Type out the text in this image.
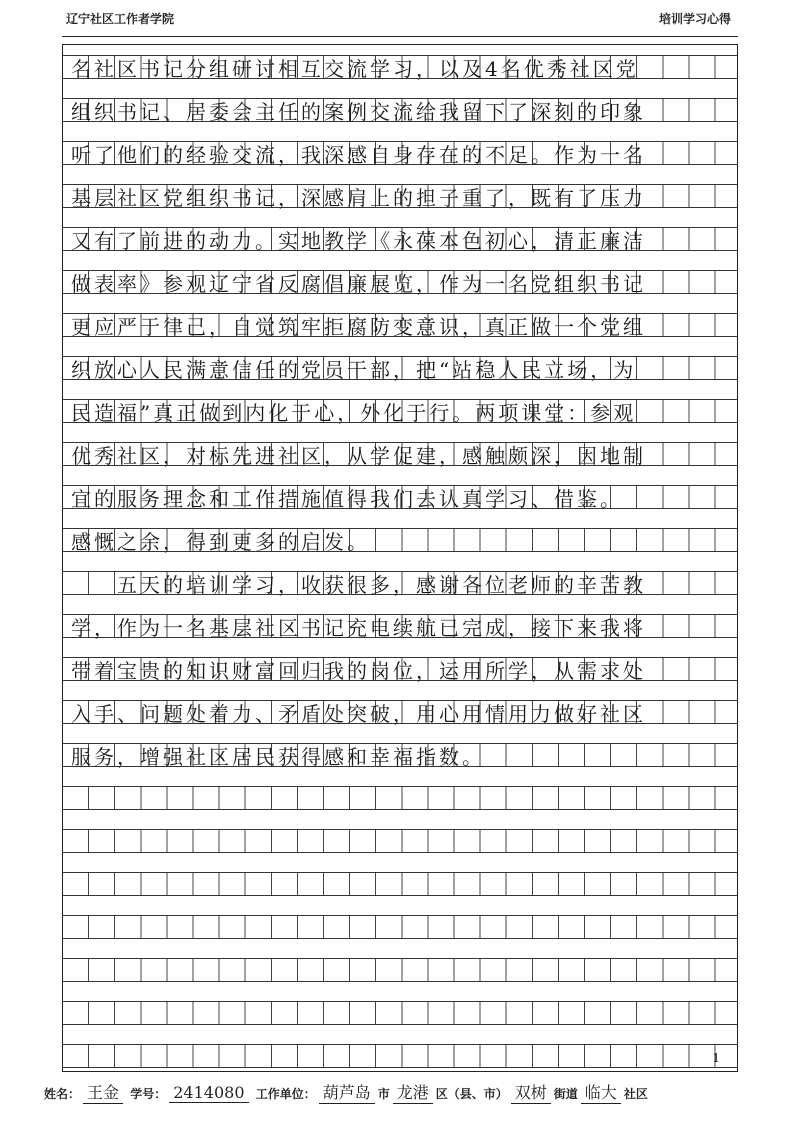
辽宁社区工作者学院	培训学习心得
名社区书记分组研讨相互交流学习，以及4名优秀社区党
组织书记、居委会主任的案例交流给我留下了深刻的印象
听了他们的经验交流，我深感自身存在的不足。作为一名
基层社区党组织书记，深感肩上的担子重了，既有了压力
又有了前进的动力。实地教学《永葆本色初心，清正廉洁
做表率》参观辽宁省反腐倡廉展览，作为一名党组织书记
更应严于律己，自觉筑牢拒腐防变意识，真正做一个党组
织放心人民满意信任的党员干部，把“站稳人民立场，为
民造福”真正做到内化于心，外化于行。两项课堂：参观
优秀社区，对标先进社区，从学促建，感触颇深，因地制
宜的服务理念和工作措施值得我们去认真学习、借鉴。
感慨之余，得到更多的启发。
　　五天的培训学习，收获很多，感谢各位老师的辛苦教
学，作为一名基层社区书记充电续航已完成，接下来我将
带着宝贵的知识财富回归我的岗位，运用所学，从需求处
入手、问题处着力、矛盾处突破，用心用情用力做好社区
服务，增强社区居民获得感和幸福指数。
1
姓名： 王金 学号： 2414080 工作单位： 葫芦岛 市 龙港 区（县、市） 双树 街道 临大 社区
